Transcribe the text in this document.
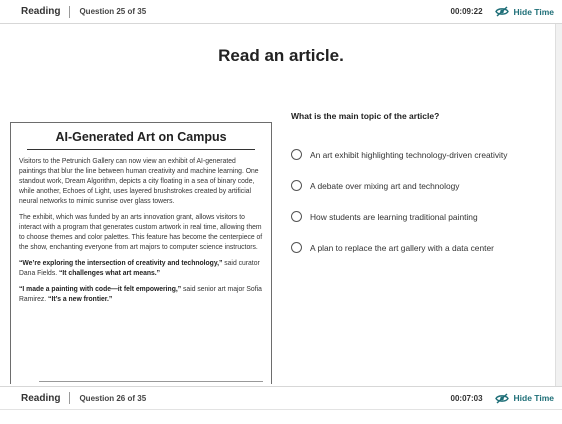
Reading Question 25 of 35	00:09:22	Hide Time
Read an article.
AI-Generated Art on Campus

Visitors to the Petrunich Gallery can now view an exhibit of AI-generated paintings that blur the line between human creativity and machine learning. One standout work, Dream Algorithm, depicts a city floating in a sea of binary code, while another, Echoes of Light, uses layered brushstrokes created by artificial neural networks to mimic sunrise over glass towers.

The exhibit, which was funded by an arts innovation grant, allows visitors to interact with a program that generates custom artwork in real time, allowing them to choose themes and color palettes. This feature has become the centerpiece of the show, enchanting everyone from art majors to computer science instructors.

“We’re exploring the intersection of creativity and technology,” said curator Dana Fields. “It challenges what art means.”

“I made a painting with code—it felt empowering,” said senior art major Sofia Ramirez. “It’s a new frontier.”

What is the main topic of the article?
An art exhibit highlighting technology-driven creativity
A debate over mixing art and technology
How students are learning traditional painting
A plan to replace the art gallery with a data center
Reading Question 26 of 35	00:07:03	Hide Time
